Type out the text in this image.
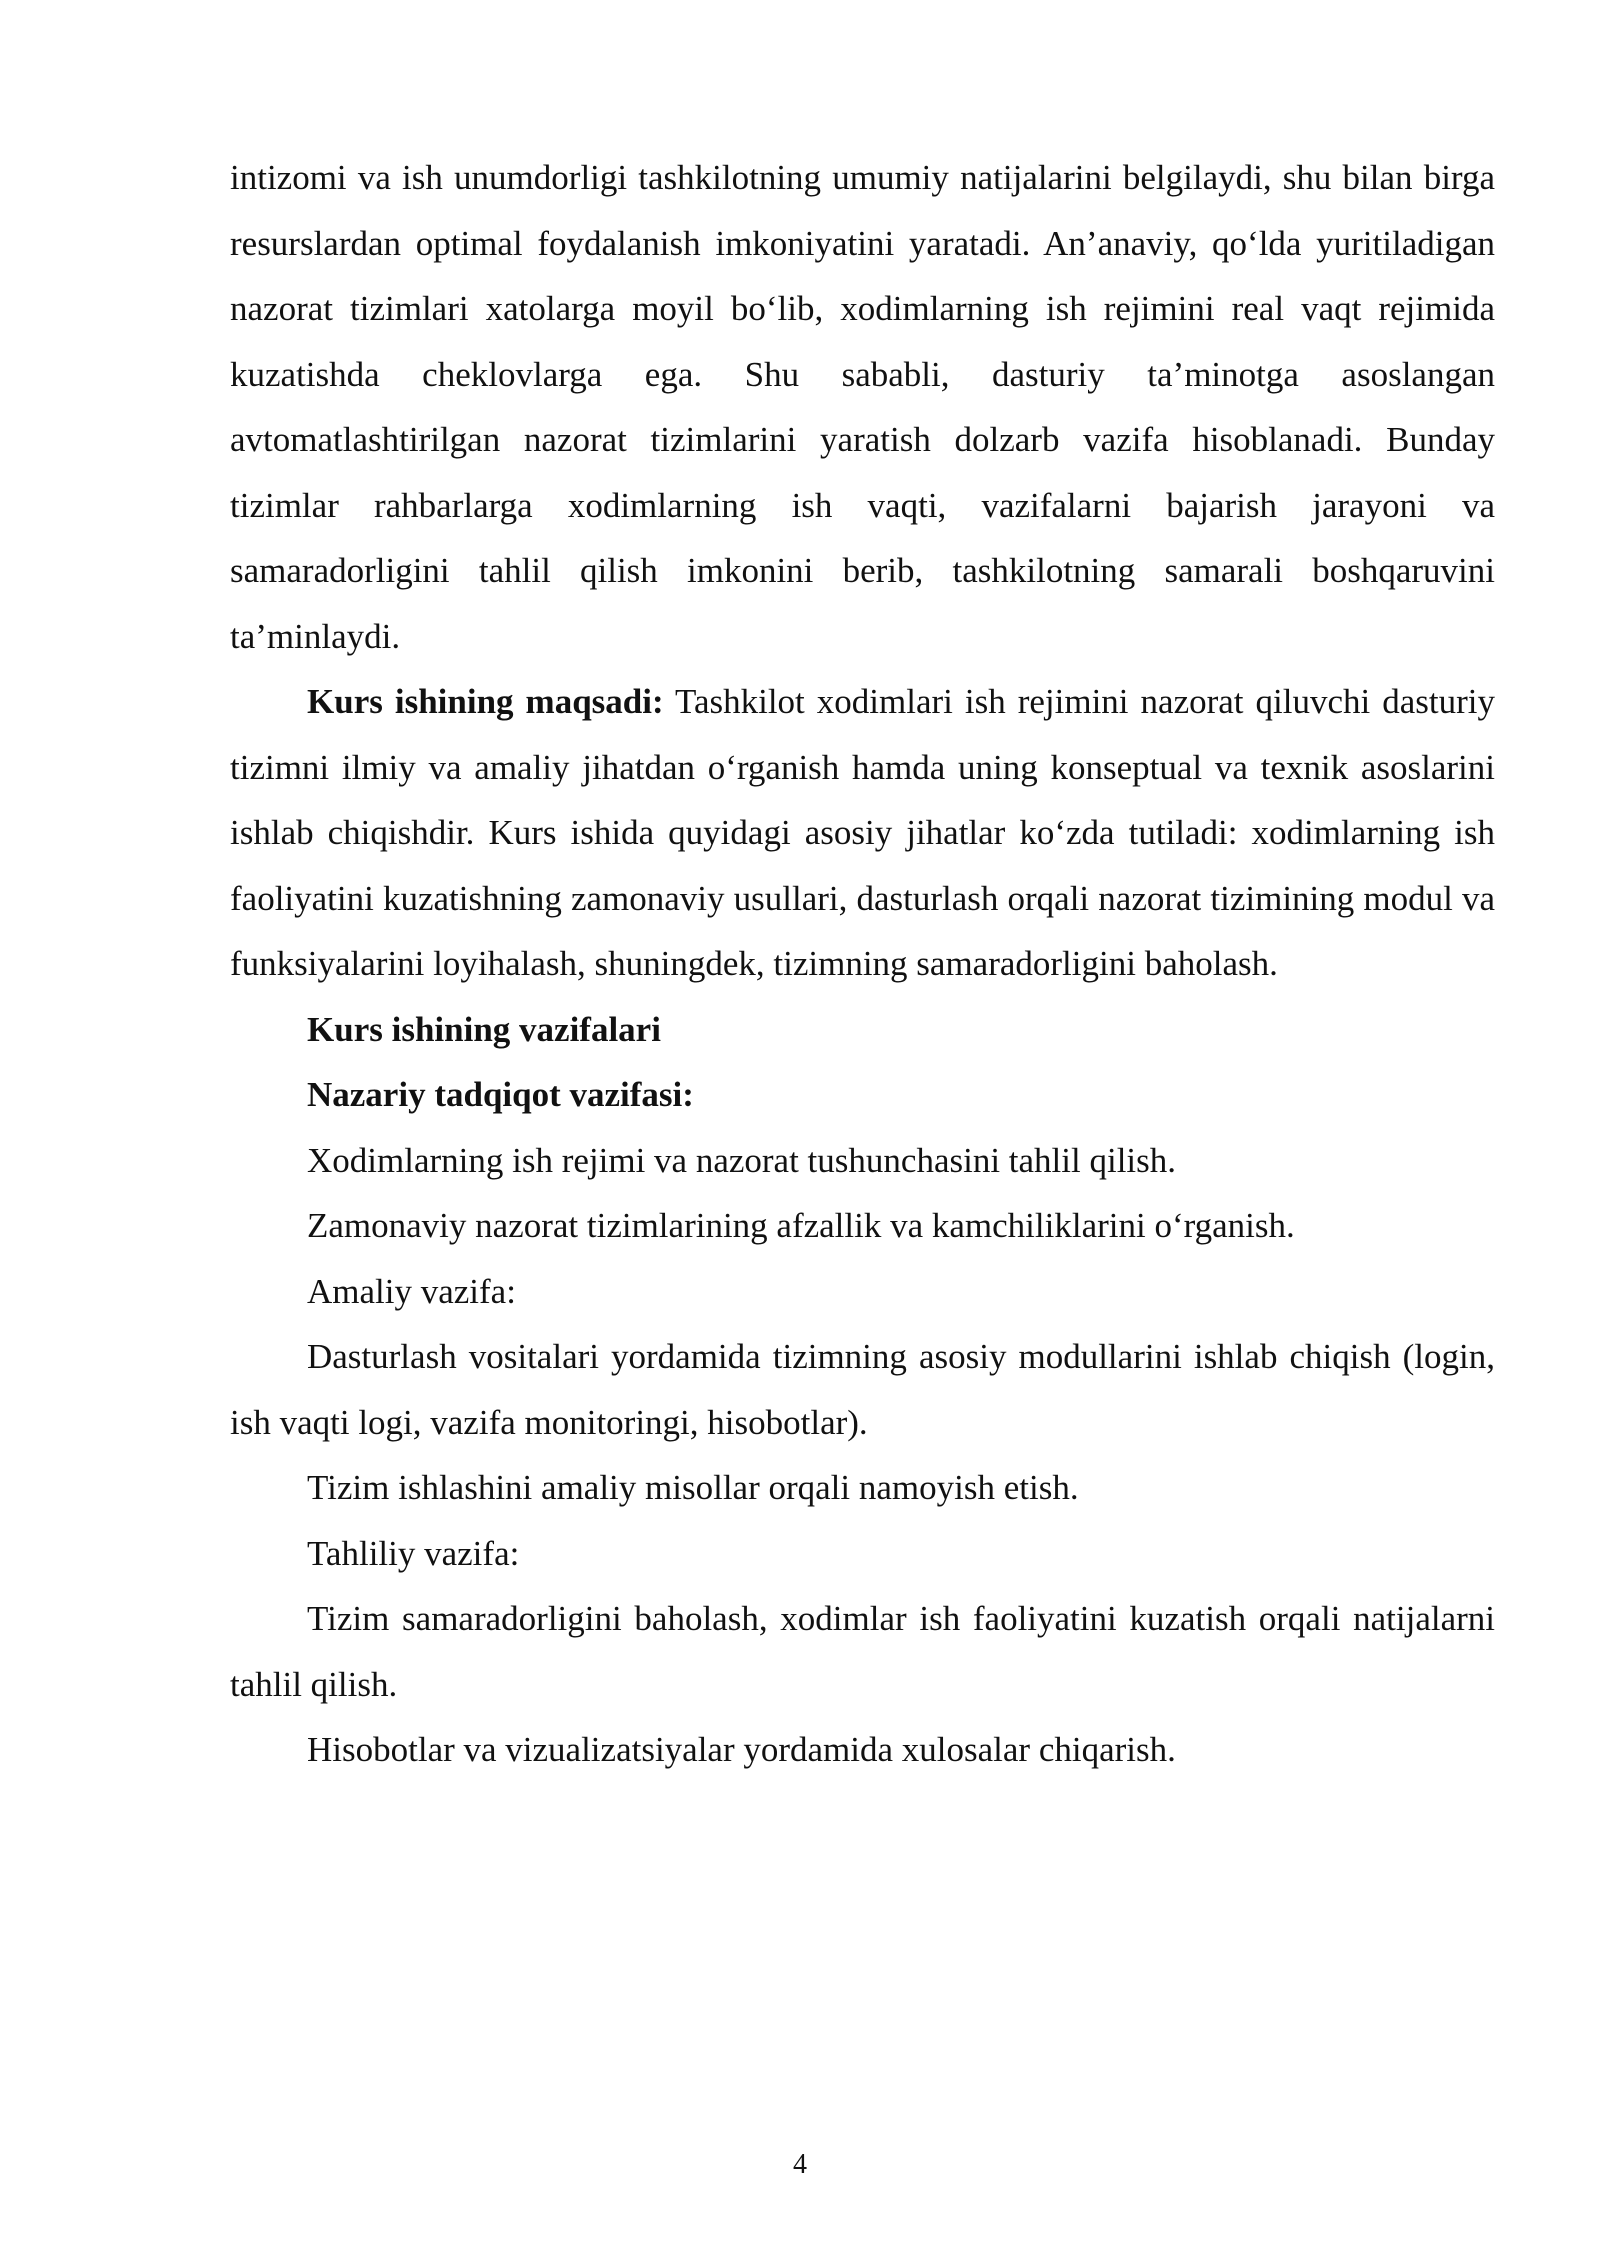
intizomi va ish unumdorligi tashkilotning umumiy natijalarini belgilaydi, shu bilan birga resurslardan optimal foydalanish imkoniyatini yaratadi. An’anaviy, qo‘lda yuritiladigan nazorat tizimlari xatolarga moyil bo‘lib, xodimlarning ish rejimini real vaqt rejimida kuzatishda cheklovlarga ega. Shu sababli, dasturiy ta’minotga asoslangan avtomatlashtirilgan nazorat tizimlarini yaratish dolzarb vazifa hisoblanadi. Bunday tizimlar rahbarlarga xodimlarning ish vaqti, vazifalarni bajarish jarayoni va samaradorligini tahlil qilish imkonini berib, tashkilotning samarali boshqaruvini ta’minlaydi.

Kurs ishining maqsadi: Tashkilot xodimlari ish rejimini nazorat qiluvchi dasturiy tizimni ilmiy va amaliy jihatdan o‘rganish hamda uning konseptual va texnik asoslarini ishlab chiqishdir. Kurs ishida quyidagi asosiy jihatlar ko‘zda tutiladi: xodimlarning ish faoliyatini kuzatishning zamonaviy usullari, dasturlash orqali nazorat tizimining modul va funksiyalarini loyihalash, shuningdek, tizimning samaradorligini baholash.

Kurs ishining vazifalari

Nazariy tadqiqot vazifasi:

Xodimlarning ish rejimi va nazorat tushunchasini tahlil qilish.

Zamonaviy nazorat tizimlarining afzallik va kamchiliklarini o‘rganish.

Amaliy vazifa:

Dasturlash vositalari yordamida tizimning asosiy modullarini ishlab chiqish (login, ish vaqti logi, vazifa monitoringi, hisobotlar).

Tizim ishlashini amaliy misollar orqali namoyish etish.

Tahliliy vazifa:

Tizim samaradorligini baholash, xodimlar ish faoliyatini kuzatish orqali natijalarni tahlil qilish.

Hisobotlar va vizualizatsiyalar yordamida xulosalar chiqarish.

4
